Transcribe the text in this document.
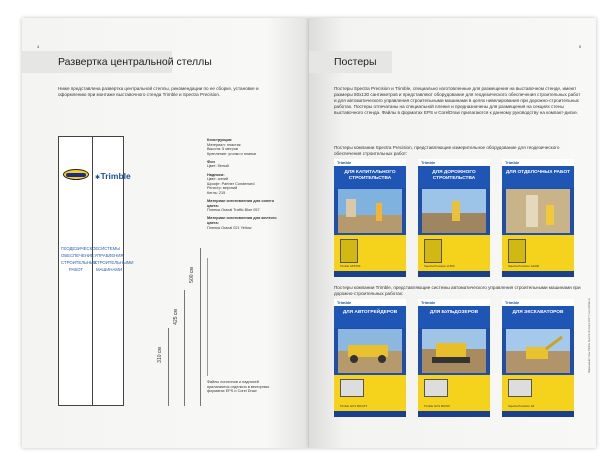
4
Развертка центральной стеллы
Ниже представлена развертка центральной стеллы, рекомендации по ее сборке, установке и оформлению при монтаже выставочного стенда Trimble и Spectra Precision.
✱Trimble
ГЕОДЕЗИЧЕСКОЕ ОБЕСПЕЧЕНИЕ СТРОИТЕЛЬНЫХ РАБОТ
СИСТЕМЫ УПРАВЛЕНИЯ СТРОИТЕЛЬНЫМИ МАШИНАМИ	500 см
425 см
310 см
Конструкция:
Материал: пластик
Высота: 5 метров
Крепление: уголки и планки
Фон
Цвет: белый
Надписи:
Цвет: синий
Шрифт: Partner Condensed
Регистр: верхний
Кегль: 215
Материал изготовления для синего цвета:
Пленка Oracal Traffic Blue 057
Материал изготовления для желтого цвета:
Пленка Oracal 021 Yellow
Файлы логотипов и надписей прилагаются отдельно в векторных форматах EPS и Corel Draw
5
Постеры
Постеры Spectra Precision и Trimble, специально изготовленные для размещения на выставочном стенде, имеют размеры 80х130 сантиметров и представляют оборудование для геодезического обеспечения строительных работ и для автоматического управления строительными машинами в целях нивелирования при дорожно-строительных работах. Постеры отпечатаны на специальной пленке и предназначены для размещения на секциях стены выставочного стенда. Файлы в форматах EPS и CorelDraw прилагаются к данному руководству на компакт-диске.
Постеры компании Spectra Precision, представляющие измерительное оборудование для геодезического обеспечения строительных работ:
Trimble
ДЛЯ КАПИТАЛЬНОГО СТРОИТЕЛЬСТВА
Trimble SPS700
Trimble
ДЛЯ ДОРОЖНОГО СТРОИТЕЛЬСТВА
Spectra Precision LL500
Trimble
ДЛЯ ОТДЕЛОЧНЫХ РАБОТ
Spectra Precision GL600
Постеры компании Trimble, представляющие системы автоматического управления строительными машинами при дорожно-строительных работах:
Trimble
ДЛЯ АВТОГРЕЙДЕРОВ
Trimble GCS 900 AT3
Trimble
ДЛЯ БУЛЬДОЗЕРОВ
Trimble GCS 900 D6
Trimble
ДЛЯ ЭКСКАВАТОРОВ
Spectra Precision LR
Фирменный стиль Trimble Spectra Precision 2007 | www.trimble.ru
